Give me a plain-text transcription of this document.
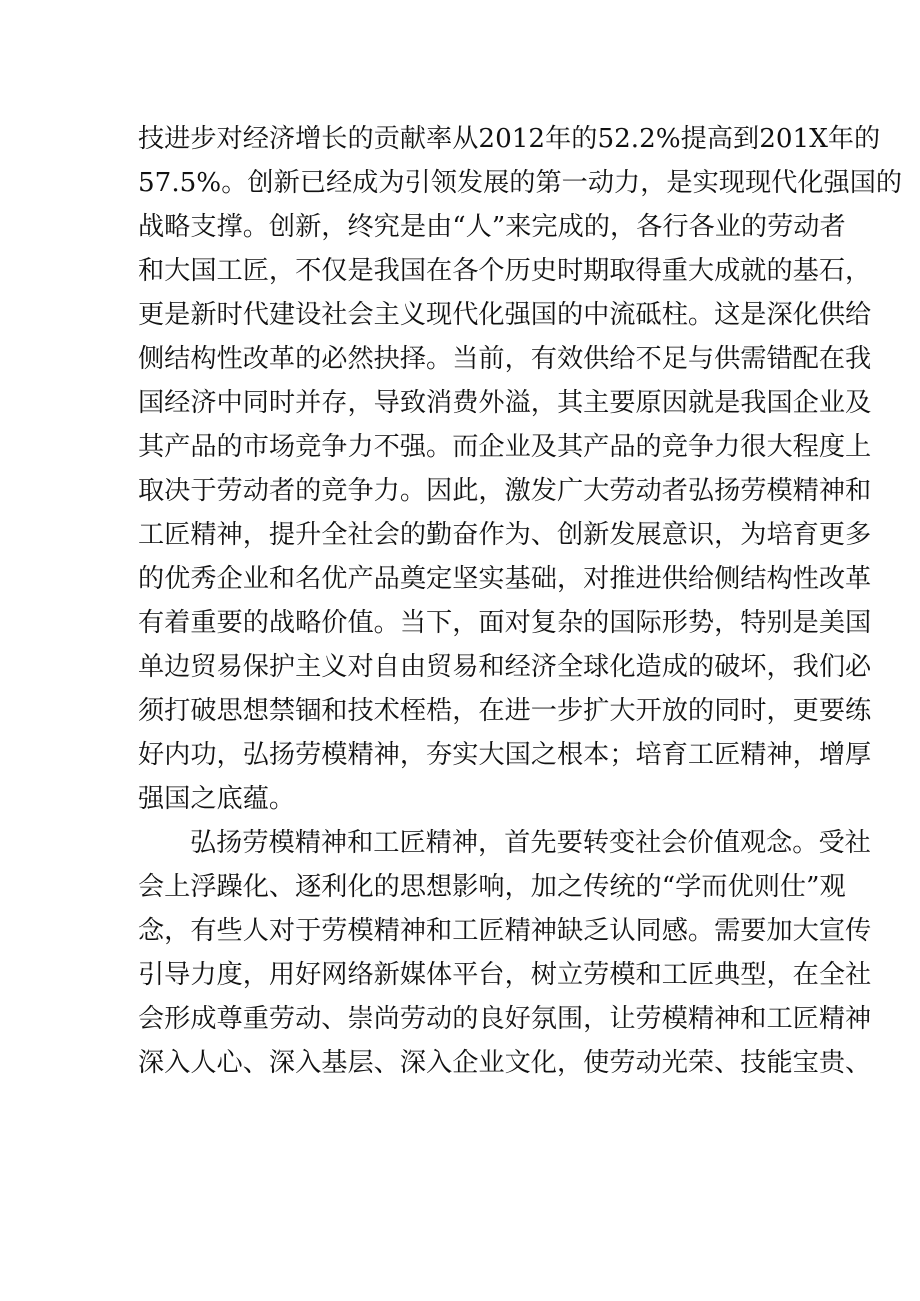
技进步对经济增长的贡献率从2012年的52.2%提高到201X年的
57.5%。创新已经成为引领发展的第一动力，是实现现代化强国的
战略支撑。创新，终究是由“人”来完成的，各行各业的劳动者
和大国工匠，不仅是我国在各个历史时期取得重大成就的基石，
更是新时代建设社会主义现代化强国的中流砥柱。这是深化供给
侧结构性改革的必然抉择。当前，有效供给不足与供需错配在我
国经济中同时并存，导致消费外溢，其主要原因就是我国企业及
其产品的市场竞争力不强。而企业及其产品的竞争力很大程度上
取决于劳动者的竞争力。因此，激发广大劳动者弘扬劳模精神和
工匠精神，提升全社会的勤奋作为、创新发展意识，为培育更多
的优秀企业和名优产品奠定坚实基础，对推进供给侧结构性改革
有着重要的战略价值。当下，面对复杂的国际形势，特别是美国
单边贸易保护主义对自由贸易和经济全球化造成的破坏，我们必
须打破思想禁锢和技术桎梏，在进一步扩大开放的同时，更要练
好内功，弘扬劳模精神，夯实大国之根本；培育工匠精神，增厚
强国之底蕴。
弘扬劳模精神和工匠精神，首先要转变社会价值观念。受社
会上浮躁化、逐利化的思想影响，加之传统的“学而优则仕”观
念，有些人对于劳模精神和工匠精神缺乏认同感。需要加大宣传
引导力度，用好网络新媒体平台，树立劳模和工匠典型，在全社
会形成尊重劳动、崇尚劳动的良好氛围，让劳模精神和工匠精神
深入人心、深入基层、深入企业文化，使劳动光荣、技能宝贵、
